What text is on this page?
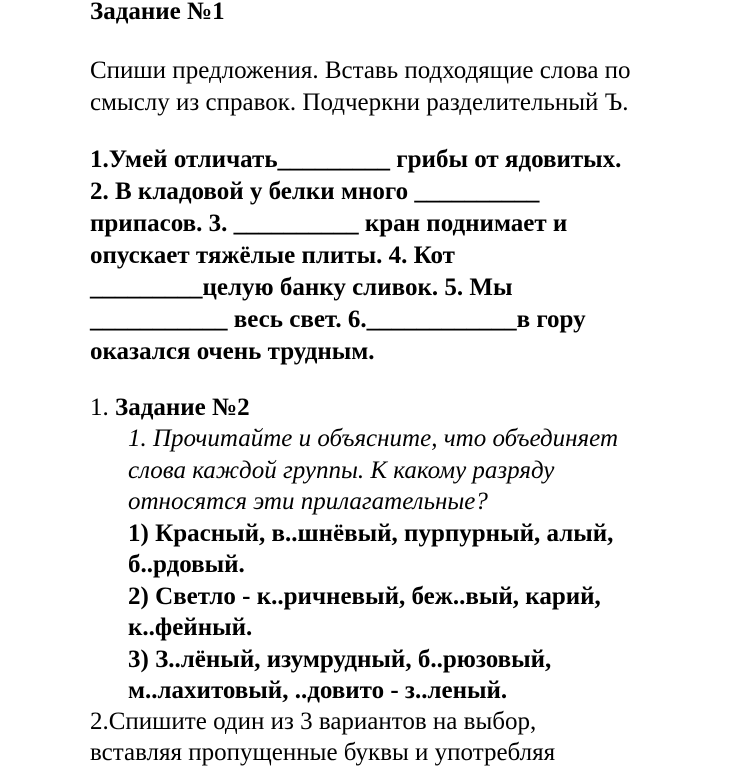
Задание №1
Спиши предложения. Вставь подходящие слова по
смыслу из справок. Подчеркни разделительный Ъ.
1.Умей отличать_________ грибы от ядовитых.
2. В кладовой у белки много __________
припасов. 3. __________ кран поднимает и
опускает тяжёлые плиты. 4. Кот
_________целую банку сливок. 5. Мы
___________ весь свет. 6.____________в гору
оказался очень трудным.
1. Задание №2
1. Прочитайте и объясните, что объединяет
слова каждой группы. К какому разряду
относятся эти прилагательные?
1) Красный, в..шнёвый, пурпурный, алый,
б..рдовый.
2) Светло - к..ричневый, беж..вый, карий,
к..фейный.
3) З..лёный, изумрудный, б..рюзовый,
м..лахитовый, ..довито - з..леный.
2.Спишите один из 3 вариантов на выбор,
вставляя пропущенные буквы и употребляя
